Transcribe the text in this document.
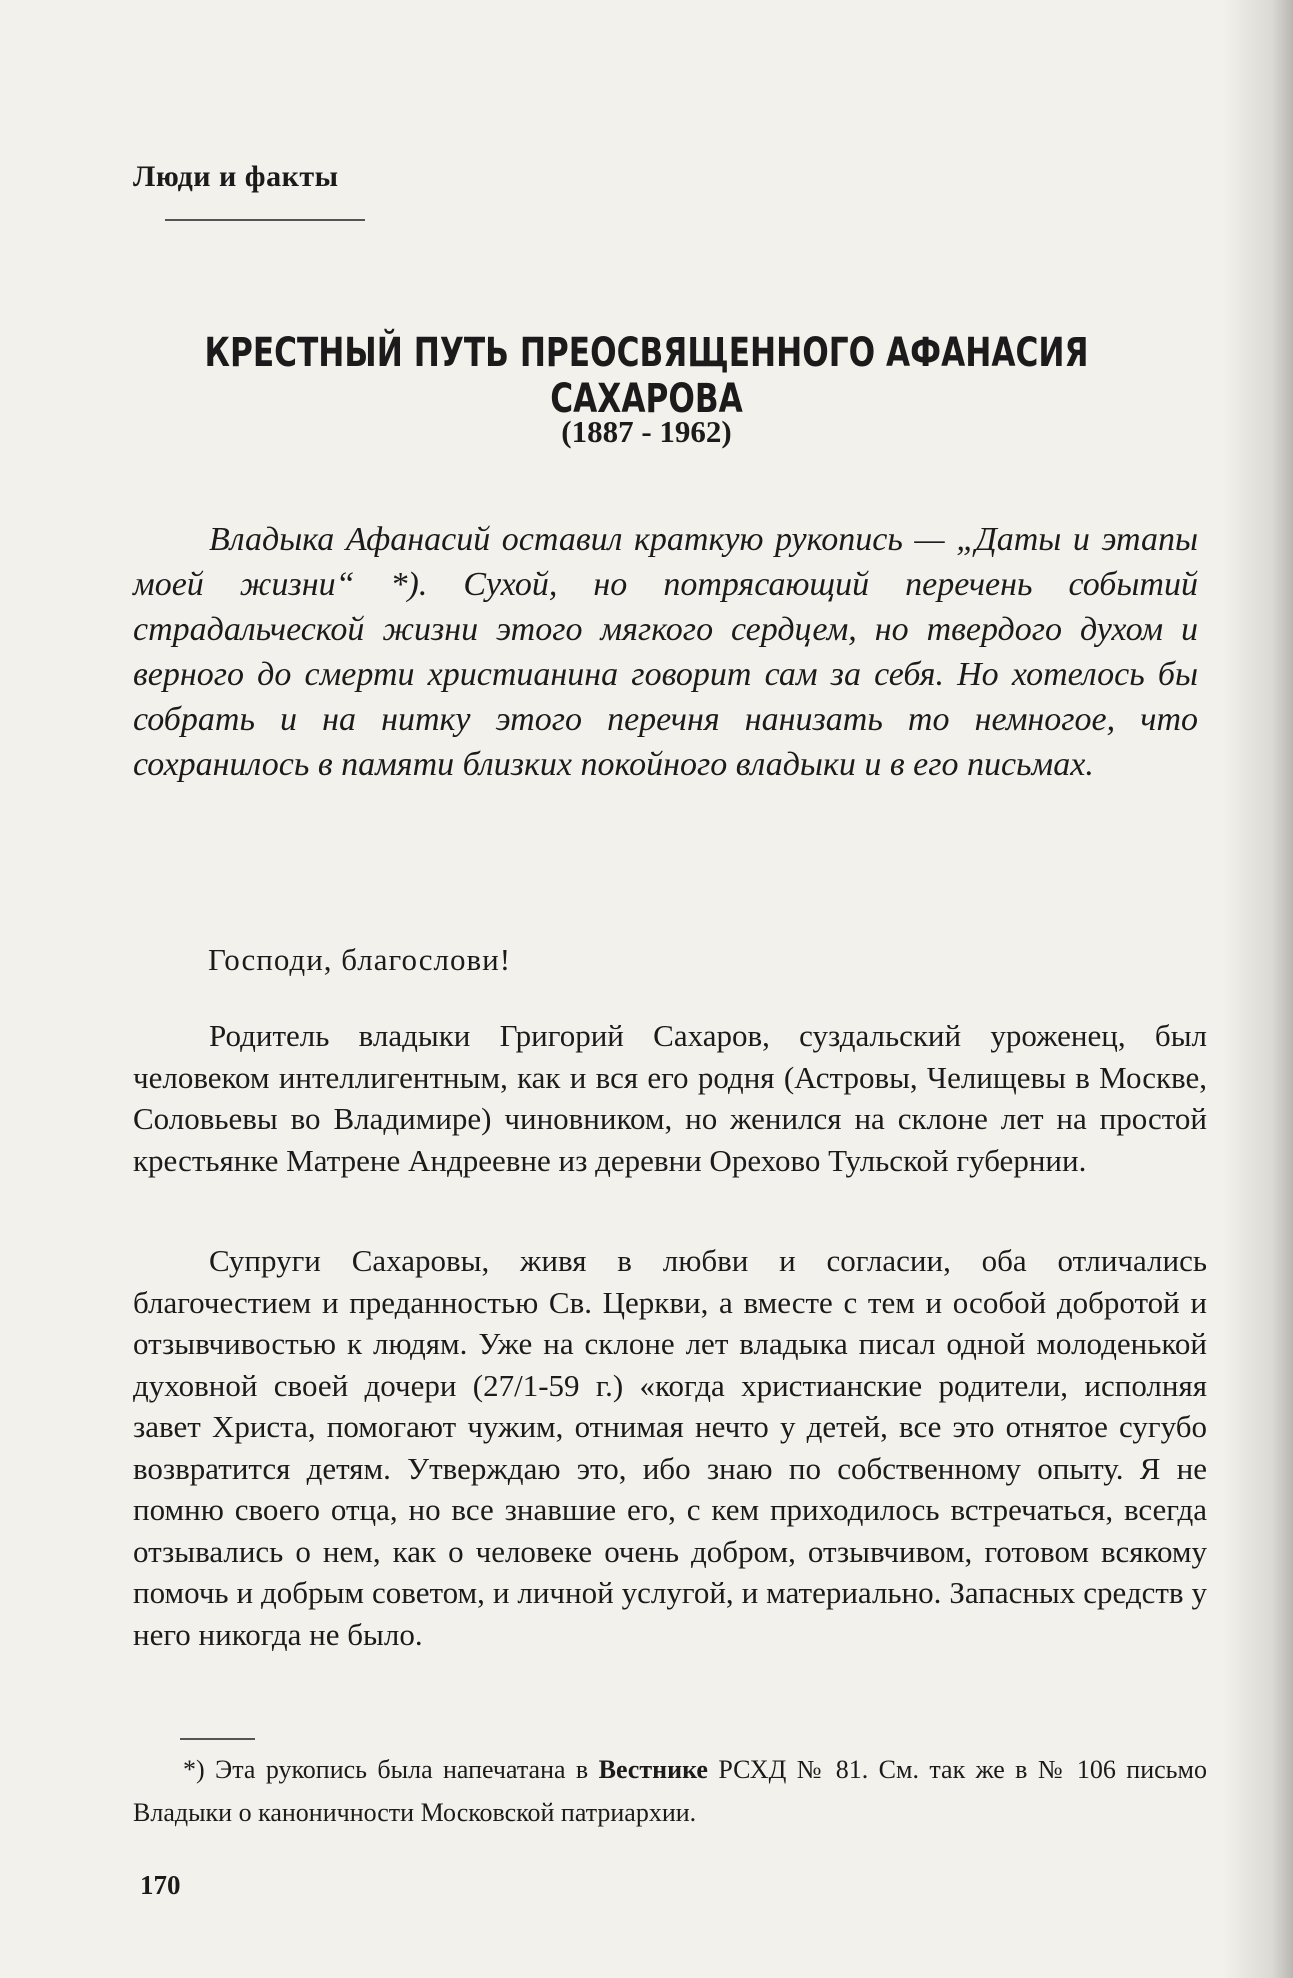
Люди и факты
КРЕСТНЫЙ ПУТЬ ПРЕОСВЯЩЕННОГО АФАНАСИЯ САХАРОВА
(1887 - 1962)

Владыка Афанасий оставил краткую рукопись — „Даты и этапы моей жизни“ *). Сухой, но потрясающий перечень событий страдальческой жизни этого мягкого сердцем, но твердого духом и верного до смерти христианина говорит сам за себя. Но хотелось бы собрать и на нитку этого перечня нанизать то немногое, что сохранилось в памяти близких покойного владыки и в его письмах.

Господи, благослови!

Родитель владыки Григорий Сахаров, суздальский уроженец, был человеком интеллигентным, как и вся его родня (Астровы, Челищевы в Москве, Соловьевы во Владимире) чиновником, но женился на склоне лет на простой крестьянке Матрене Андреевне из деревни Орехово Тульской губернии.

Супруги Сахаровы, живя в любви и согласии, оба отличались благочестием и преданностью Св. Церкви, а вместе с тем и особой добротой и отзывчивостью к людям. Уже на склоне лет владыка писал одной молоденькой духовной своей дочери (27/1-59 г.) «когда христианские родители, исполняя завет Христа, помогают чужим, отнимая нечто у детей, все это отнятое сугубо возвратится детям. Утверждаю это, ибо знаю по собственному опыту. Я не помню своего отца, но все знавшие его, с кем приходилось встречаться, всегда отзывались о нем, как о человеке очень добром, отзывчивом, готовом всякому помочь и добрым советом, и личной услугой, и материально. Запасных средств у него никогда не было.

*) Эта рукопись была напечатана в Вестнике РСХД № 81. См. так же в № 106 письмо Владыки о каноничности Московской патриархии.

170
